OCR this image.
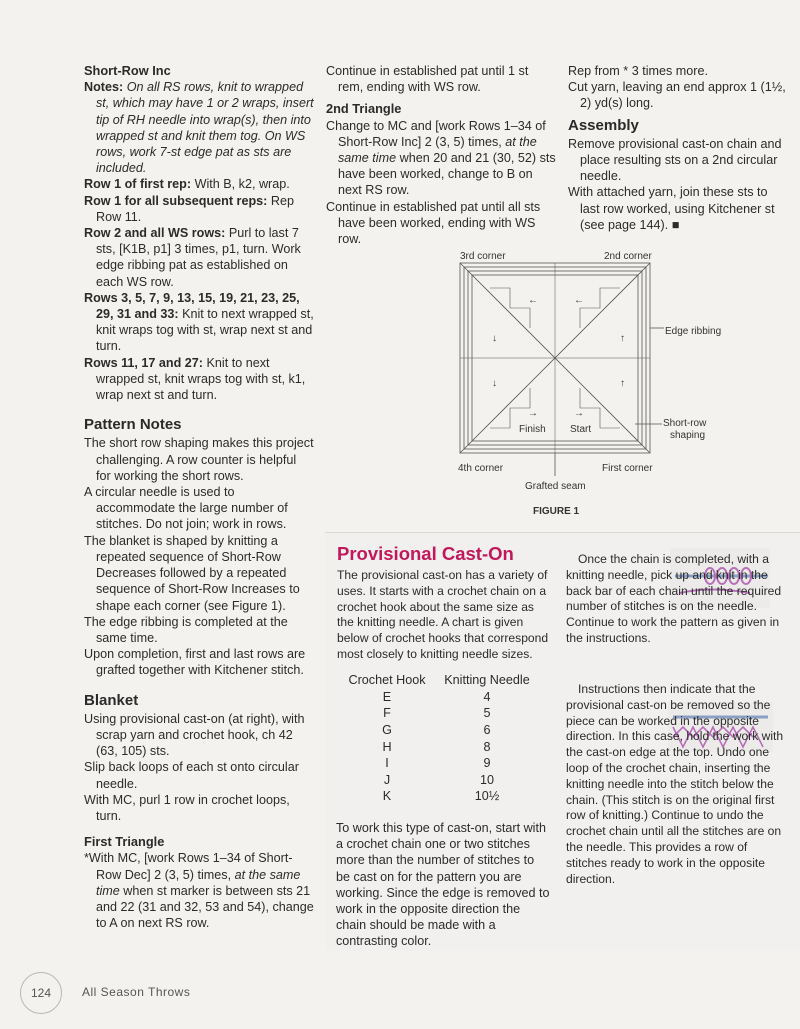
Short-Row Inc

Notes: On all RS rows, knit to wrapped st, which may have 1 or 2 wraps, insert tip of RH needle into wrap(s), then into wrapped st and knit them tog. On WS rows, work 7-st edge pat as sts are included.

Row 1 of first rep: With B, k2, wrap.

Row 1 for all subsequent reps: Rep Row 11.

Row 2 and all WS rows: Purl to last 7 sts, [K1B, p1] 3 times, p1, turn. Work edge ribbing pat as established on each WS row.

Rows 3, 5, 7, 9, 13, 15, 19, 21, 23, 25, 29, 31 and 33: Knit to next wrapped st, knit wraps tog with st, wrap next st and turn.

Rows 11, 17 and 27: Knit to next wrapped st, knit wraps tog with st, k1, wrap next st and turn.

Pattern Notes

The short row shaping makes this project challenging. A row counter is helpful for working the short rows.

A circular needle is used to accommodate the large number of stitches. Do not join; work in rows.

The blanket is shaped by knitting a repeated sequence of Short-Row Decreases followed by a repeated sequence of Short-Row Increases to shape each corner (see Figure 1).

The edge ribbing is completed at the same time.

Upon completion, first and last rows are grafted together with Kitchener stitch.

Blanket

Using provisional cast-on (at right), with scrap yarn and crochet hook, ch 42 (63, 105) sts.

Slip back loops of each st onto circular needle.

With MC, purl 1 row in crochet loops, turn.

First Triangle

*With MC, [work Rows 1–34 of Short-Row Dec] 2 (3, 5) times, at the same time when st marker is between sts 21 and 22 (31 and 32, 53 and 54), change to A on next RS row.

Continue in established pat until 1 st rem, ending with WS row.

2nd Triangle

Change to MC and [work Rows 1–34 of Short-Row Inc] 2 (3, 5) times, at the same time when 20 and 21 (30, 52) sts have been worked, change to B on next RS row.

Continue in established pat until all sts have been worked, ending with WS row.

Rep from * 3 times more.

Cut yarn, leaving an end approx 1 (1½, 2) yd(s) long.

Assembly

Remove provisional cast-on chain and place resulting sts on a 2nd circular needle.

With attached yarn, join these sts to last row worked, using Kitchener st (see page 144). ■

3rd corner	2nd corner
Edge ribbing
Short-row
shaping
Finish Start
4th corner	First corner
Grafted seam
←	←
↓
↓
↑
↑
→	→
FIGURE 1

Provisional Cast-On

The provisional cast-on has a variety of uses. It starts with a crochet chain on a crochet hook about the same size as the knitting needle. A chart is given below of crochet hooks that correspond most closely to knitting needle sizes.
Crochet Hook	Knitting Needle
E	4
F	5
G	6
H	8
I	9
J	10
K	10½
To work this type of cast-on, start with a crochet chain one or two stitches more than the number of stitches to be cast on for the pattern you are working. Since the edge is removed to work in the opposite direction the chain should be made with a contrasting color.
Once the chain is completed, with a knitting needle, pick up and knit in the back bar of each chain until the required number of stitches is on the needle. Continue to work the pattern as given in the instructions.
Instructions then indicate that the provisional cast-on be removed so the piece can be worked in the opposite direction. In this case, hold the work with the cast-on edge at the top. Undo one loop of the crochet chain, inserting the knitting needle into the stitch below the chain. (This stitch is on the original first row of knitting.) Continue to undo the crochet chain until all the stitches are on the needle. This provides a row of stitches ready to work in the opposite direction.
124	All Season Throws
